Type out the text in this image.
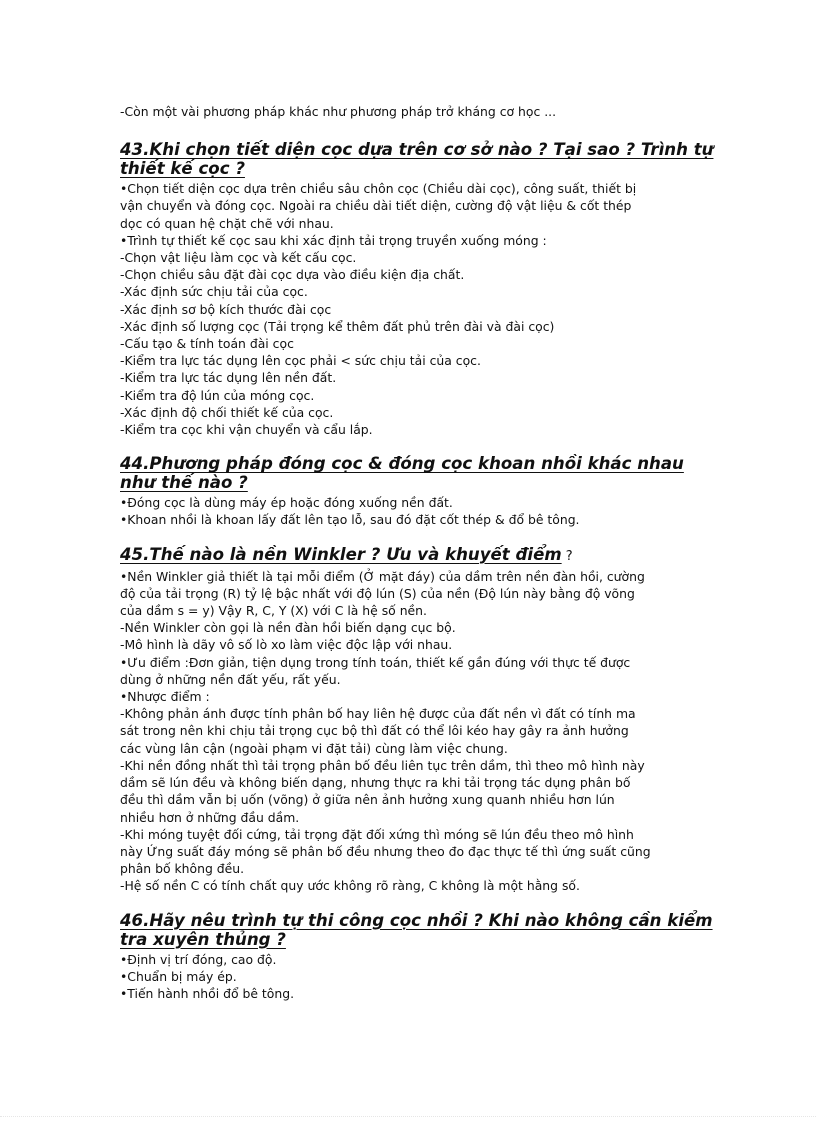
-Còn một vài phương pháp khác như phương pháp trở kháng cơ học ...

43.Khi chọn tiết diện cọc dựa trên cơ sở nào ? Tại sao ? Trình tự

thiết kế cọc ?

•Chọn tiết diện cọc dựa trên chiều sâu chôn cọc (Chiều dài cọc), công suất, thiết bị

vận chuyển và đóng cọc. Ngoài ra chiều dài tiết diện, cường độ vật liệu & cốt thép

dọc có quan hệ chặt chẽ với nhau.

•Trình tự thiết kế cọc sau khi xác định tải trọng truyền xuống móng :

-Chọn vật liệu làm cọc và kết cấu cọc.

-Chọn chiều sâu đặt đài cọc dựa vào điều kiện địa chất.

-Xác định sức chịu tải của cọc.

-Xác định sơ bộ kích thước đài cọc

-Xác định số lượng cọc (Tải trọng kể thêm đất phủ trên đài và đài cọc)

-Cấu tạo & tính toán đài cọc

-Kiểm tra lực tác dụng lên cọc phải < sức chịu tải của cọc.

-Kiểm tra lực tác dụng lên nền đất.

-Kiểm tra độ lún của móng cọc.

-Xác định độ chối thiết kế của cọc.

-Kiểm tra cọc khi vận chuyển và cẩu lắp.

44.Phương pháp đóng cọc & đóng cọc khoan nhồi khác nhau

như thế nào ?

•Đóng cọc là dùng máy ép hoặc đóng xuống nền đất.

•Khoan nhồi là khoan lấy đất lên tạo lỗ, sau đó đặt cốt thép & đổ bê tông.

45.Thế nào là nền Winkler ? Ưu và khuyết điểm ?

•Nền Winkler giả thiết là tại mỗi điểm (Ở mặt đáy) của dầm trên nền đàn hồi, cường

độ của tải trọng (R) tỷ lệ bậc nhất với độ lún (S) của nền (Độ lún này bằng độ võng

của dầm s = y) Vậy R, C, Y (X) với C là hệ số nền.

-Nền Winkler còn gọi là nền đàn hồi biến dạng cục bộ.

-Mô hình là dãy vô số lò xo làm việc độc lập với nhau.

•Ưu điểm :Đơn giản, tiện dụng trong tính toán, thiết kế gần đúng với thực tế được

dùng ở những nền đất yếu, rất yếu.

•Nhược điểm :

-Không phản ánh được tính phân bố hay liên hệ được của đất nền vì đất có tính ma

sát trong nên khi chịu tải trọng cục bộ thì đất có thể lôi kéo hay gây ra ảnh hưởng

các vùng lân cận (ngoài phạm vi đặt tải) cùng làm việc chung.

-Khi nền đồng nhất thì tải trọng phân bố đều liên tục trên dầm, thì theo mô hình này

dầm sẽ lún đều và không biến dạng, nhưng thực ra khi tải trọng tác dụng phân bố

đều thì dầm vẫn bị uốn (võng) ở giữa nên ảnh hưởng xung quanh nhiều hơn lún

nhiều hơn ở những đầu dầm.

-Khi móng tuyệt đối cứng, tải trọng đặt đối xứng thì móng sẽ lún đều theo mô hình

này Ứng suất đáy móng sẽ phân bố đều nhưng theo đo đạc thực tế thì ứng suất cũng

phân bố không đều.

-Hệ số nền C có tính chất quy ước không rõ ràng, C không là một hằng số.

46.Hãy nêu trình tự thi công cọc nhồi ? Khi nào không cần kiểm

tra xuyên thủng ?

•Định vị trí đóng, cao độ.

•Chuẩn bị máy ép.

•Tiến hành nhồi đổ bê tông.
